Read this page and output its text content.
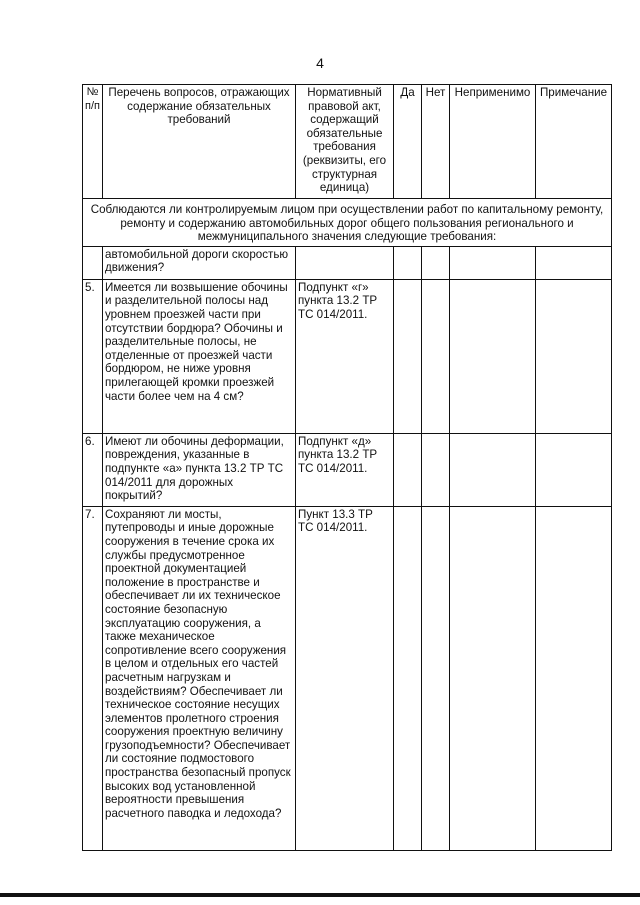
4
№ п/п	Перечень вопросов, отражающих содержание обязательных требований	Нормативный правовой акт, содержащий обязательные требования (реквизиты, его структурная единица)	Да	Нет	Неприменимо	Примечание
Соблюдаются ли контролируемым лицом при осуществлении работ по капитальному ремонту, ремонту и содержанию автомобильных дорог общего пользования регионального и межмуниципального значения следующие требования:						
	автомобильной дороги скоростью движения?					
5.	Имеется ли возвышение обочины и разделительной полосы над уровнем проезжей части при отсутствии бордюра? Обочины и разделительные полосы, не отделенные от проезжей части бордюром, не ниже уровня прилегающей кромки проезжей части более чем на 4 см?	Подпункт «г» пункта 13.2 ТР ТС 014/2011.				
6.	Имеют ли обочины деформации, повреждения, указанные в подпункте «а» пункта 13.2 ТР ТС 014/2011 для дорожных покрытий?	Подпункт «д» пункта 13.2 ТР ТС 014/2011.				
7.	Сохраняют ли мосты, путепроводы и иные дорожные сооружения в течение срока их службы предусмотренное проектной документацией положение в пространстве и обеспечивает ли их техническое состояние безопасную эксплуатацию сооружения, а также механическое сопротивление всего сооружения в целом и отдельных его частей расчетным нагрузкам и воздействиям? Обеспечивает ли техническое состояние несущих элементов пролетного строения сооружения проектную величину грузоподъемности? Обеспечивает ли состояние подмостового пространства безопасный пропуск высоких вод установленной вероятности превышения расчетного паводка и ледохода?	Пункт 13.3 ТР ТС 014/2011.				
